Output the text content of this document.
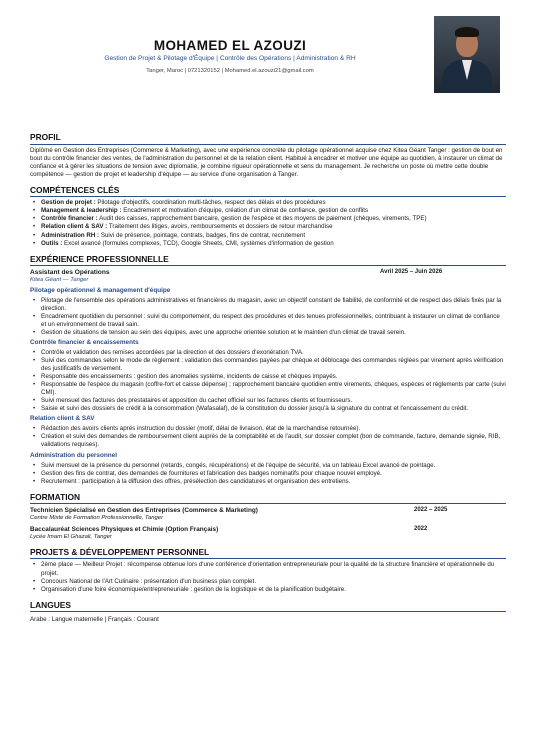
MOHAMED EL AZOUZI
Gestion de Projet & Pilotage d'Équipe | Contrôle des Opérations | Administration & RH
Tanger, Maroc | 0721320152 | Mohamed.el.azouzi21@gmail.com
PROFIL

Diplômé en Gestion des Entreprises (Commerce & Marketing), avec une expérience concrète du pilotage opérationnel acquise chez Kitea Géant Tanger : gestion de bout en bout du contrôle financier des ventes, de l'administration du personnel et de la relation client. Habitué à encadrer et motiver une équipe au quotidien, à instaurer un climat de confiance et à gérer les situations de tension avec diplomatie, je combine rigueur opérationnelle et sens du management. Je recherche un poste où mettre cette double compétence — gestion de projet et leadership d'équipe — au service d'une organisation à Tanger.

COMPÉTENCES CLÉS
• Gestion de projet : Pilotage d'objectifs, coordination multi-tâches, respect des délais et des procédures
• Management & leadership : Encadrement et motivation d'équipe, création d'un climat de confiance, gestion de conflits
• Contrôle financier : Audit des caisses, rapprochement bancaire, gestion de l'espèce et des moyens de paiement (chèques, virements, TPE)
• Relation client & SAV : Traitement des litiges, avoirs, remboursements et dossiers de retour marchandise
• Administration RH : Suivi de présence, pointage, contrats, badges, fins de contrat, recrutement
• Outils : Excel avancé (formules complexes, TCD), Google Sheets, CMI, systèmes d'information de gestion
EXPÉRIENCE PROFESSIONNELLE
Assistant des Opérations	Avril 2025 – Juin 2026
Kitea Géant — Tanger
Pilotage opérationnel & management d'équipe
• Pilotage de l'ensemble des opérations administratives et financières du magasin, avec un objectif constant de fiabilité, de conformité et de respect des délais fixés par la direction.
• Encadrement quotidien du personnel : suivi du comportement, du respect des procédures et des tenues professionnelles, contribuant à instaurer un climat de confiance et un environnement de travail sain.
• Gestion de situations de tension au sein des équipes, avec une approche orientée solution et le maintien d'un climat de travail serein.
Contrôle financier & encaissements
• Contrôle et validation des remises accordées par la direction et des dossiers d'exonération TVA.
• Suivi des commandes selon le mode de règlement : validation des commandes payées par chèque et déblocage des commandes réglées par virement après vérification des justificatifs de versement.
• Responsable des encaissements : gestion des anomalies système, incidents de caisse et chèques impayés.
• Responsable de l'espèce du magasin (coffre-fort et caisse dépense) ; rapprochement bancaire quotidien entre virements, chèques, espèces et règlements par carte (suivi CMI).
• Suivi mensuel des factures des prestataires et apposition du cachet officiel sur les factures clients et fournisseurs.
• Saisie et suivi des dossiers de crédit à la consommation (Wafasalaf), de la constitution du dossier jusqu'à la signature du contrat et l'encaissement du crédit.
Relation client & SAV
• Rédaction des avoirs clients après instruction du dossier (motif, délai de livraison, état de la marchandise retournée).
• Création et suivi des demandes de remboursement client auprès de la comptabilité et de l'audit, sur dossier complet (bon de commande, facture, demande signée, RIB, validations requises).
Administration du personnel
• Suivi mensuel de la présence du personnel (retards, congés, récupérations) et de l'équipe de sécurité, via un tableau Excel avancé de pointage.
• Gestion des fins de contrat, des demandes de fournitures et fabrication des badges nominatifs pour chaque nouvel employé.
• Recrutement : participation à la diffusion des offres, présélection des candidatures et organisation des entretiens.
FORMATION
Technicien Spécialisé en Gestion des Entreprises (Commerce & Marketing)	2022 – 2025
Centre Mixte de Formation Professionnelle, Tanger
Baccalauréat Sciences Physiques et Chimie (Option Français)	2022
Lycée Imam El Ghazali, Tanger
PROJETS & DÉVELOPPEMENT PERSONNEL
• 2ème place — Meilleur Projet : récompense obtenue lors d'une conférence d'orientation entrepreneuriale pour la qualité de la structure financière et opérationnelle du projet.
• Concours National de l'Art Culinaire : présentation d'un business plan complet.
• Organisation d'une foire économique/entrepreneuriale : gestion de la logistique et de la planification budgétaire.
LANGUES
Arabe : Langue maternelle | Français : Courant
